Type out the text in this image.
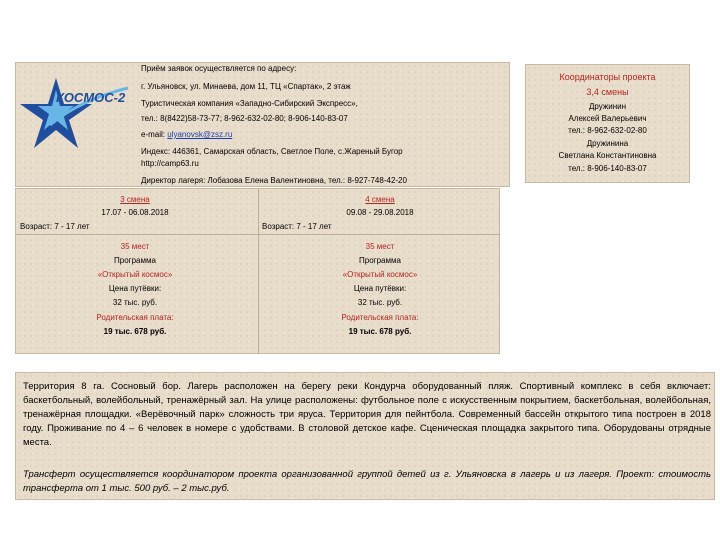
КОСМОС-2
Приём заявок осуществляется по адресу:
г. Ульяновск, ул. Минаева, дом 11, ТЦ «Спартак», 2 этаж
Туристическая компания «Западно-Сибирский Экспресс»,
тел.: 8(8422)58-73-77; 8-962-632-02-80; 8-906-140-83-07
e-mail: ulyanovsk@zsz.ru
Индекс: 446361, Самарская область, Светлое Поле, с.Жареный Бугор
http://camp63.ru
Директор лагеря: Лобазова Елена Валентиновна, тел.: 8-927-748-42-20
Координаторы проекта
3,4 смены
Дружинин
Алексей Валерьевич
тел.: 8-962-632-02-80
Дружинина
Светлана Константиновна
тел.: 8-906-140-83-07
3 смена
17.07 - 06.08.2018
Возраст: 7 - 17 лет
35 мест
Программа
«Открытый космос»
Цена путёвки:
32 тыс. руб.
Родительская плата:
19 тыс. 678 руб.
4 смена
09.08 - 29.08.2018
Возраст: 7 - 17 лет
35 мест
Программа
«Открытый космос»
Цена путёвки:
32 тыс. руб.
Родительская плата:
19 тыс. 678 руб.
Территория 8 га. Сосновый бор. Лагерь расположен на берегу реки Кондурча оборудованный пляж. Спортивный комплекс в себя включает: баскетбольный, волейбольный, тренажёрный зал. На улице расположены: футбольное поле с искусственным покрытием, баскетбольная, волейбольная, тренажёрная площадки. «Верёвочный парк» сложность три яруса. Территория для пейнтбола. Современный бассейн открытого типа построен в 2018 году. Проживание по 4 – 6 человек в номере с удобствами. В столовой детское кафе. Сценическая площадка закрытого типа. Оборудованы отрядные места.
Трансферт осуществляется координатором проекта организованной группой детей из г. Ульяновска в лагерь и из лагеря. Проект: стоимость трансферта от 1 тыс. 500 руб. – 2 тыс.руб.
